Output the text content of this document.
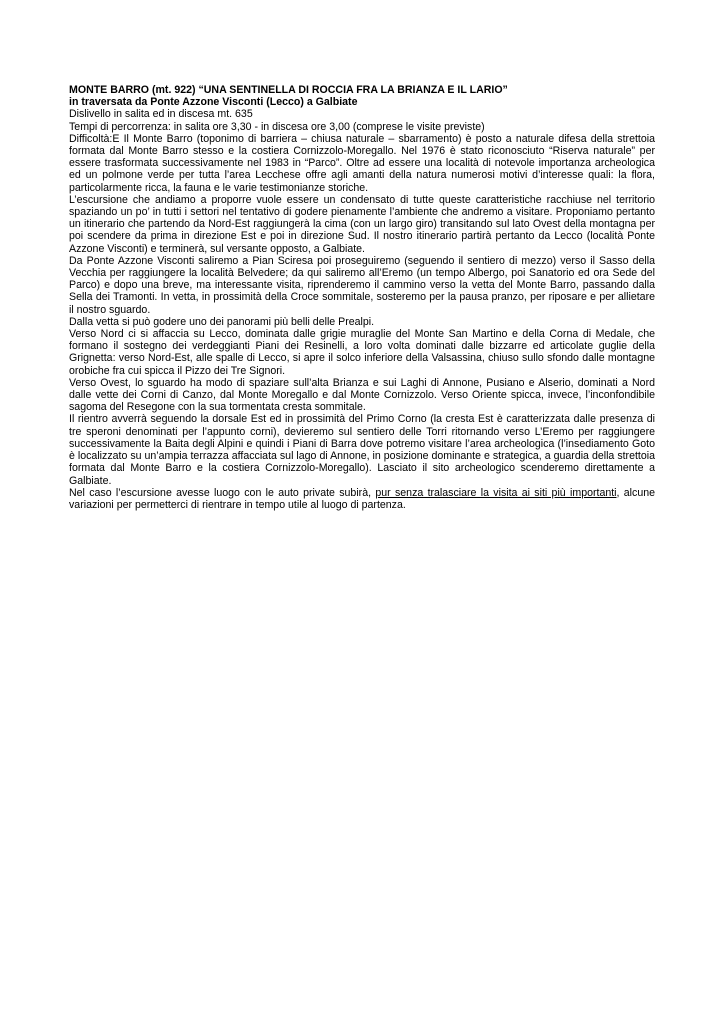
MONTE BARRO (mt. 922) “UNA SENTINELLA DI ROCCIA FRA LA BRIANZA E IL LARIO”

in traversata da Ponte Azzone Visconti (Lecco) a Galbiate

Dislivello in salita ed in discesa mt. 635

Tempi di percorrenza: in salita ore 3,30 - in discesa ore 3,00 (comprese le visite previste)

Difficoltà:E Il Monte Barro (toponimo di barriera – chiusa naturale – sbarramento) è posto a naturale difesa della strettoia formata dal Monte Barro stesso e la costiera Cornizzolo-Moregallo. Nel 1976 è stato riconosciuto “Riserva naturale” per essere trasformata successivamente nel 1983 in “Parco”. Oltre ad essere una località di notevole importanza archeologica ed un polmone verde per tutta l’area Lecchese offre agli amanti della natura numerosi motivi d’interesse quali: la flora, particolarmente ricca, la fauna e le varie testimonianze storiche.

L’escursione che andiamo a proporre vuole essere un condensato di tutte queste caratteristiche racchiuse nel territorio spaziando un po’ in tutti i settori nel tentativo di godere pienamente l’ambiente che andremo a visitare. Proponiamo pertanto un itinerario che partendo da Nord-Est raggiungerà la cima (con un largo giro) transitando sul lato Ovest della montagna per poi scendere da prima in direzione Est e poi in direzione Sud. Il nostro itinerario partirà pertanto da Lecco (località Ponte Azzone Visconti) e terminerà, sul versante opposto, a Galbiate.

Da Ponte Azzone Visconti saliremo a Pian Sciresa poi proseguiremo (seguendo il sentiero di mezzo) verso il Sasso della Vecchia per raggiungere la località Belvedere; da qui saliremo all’Eremo (un tempo Albergo, poi Sanatorio ed ora Sede del Parco) e dopo una breve, ma interessante visita, riprenderemo il cammino verso la vetta del Monte Barro, passando dalla Sella dei Tramonti. In vetta, in prossimità della Croce sommitale, sosteremo per la pausa pranzo, per riposare e per allietare il nostro sguardo.

Dalla vetta si può godere uno dei panorami più belli delle Prealpi.

Verso Nord ci si affaccia su Lecco, dominata dalle grigie muraglie del Monte San Martino e della Corna di Medale, che formano il sostegno dei verdeggianti Piani dei Resinelli, a loro volta dominati dalle bizzarre ed articolate guglie della Grignetta: verso Nord-Est, alle spalle di Lecco, si apre il solco inferiore della Valsassina, chiuso sullo sfondo dalle montagne orobiche fra cui spicca il Pizzo dei Tre Signori.

Verso Ovest, lo sguardo ha modo di spaziare sull’alta Brianza e sui Laghi di Annone, Pusiano e Alserio, dominati a Nord dalle vette dei Corni di Canzo, dal Monte Moregallo e dal Monte Cornizzolo. Verso Oriente spicca, invece, l’inconfondibile sagoma del Resegone con la sua tormentata cresta sommitale.

Il rientro avverrà seguendo la dorsale Est ed in prossimità del Primo Corno (la cresta Est è caratterizzata dalle presenza di tre speroni denominati per l’appunto corni), devieremo sul sentiero delle Torri ritornando verso L’Eremo per raggiungere successivamente la Baita degli Alpini e quindi i Piani di Barra dove potremo visitare l’area archeologica (l’insediamento Goto è localizzato su un’ampia terrazza affacciata sul lago di Annone, in posizione dominante e strategica, a guardia della strettoia formata dal Monte Barro e la costiera Cornizzolo-Moregallo). Lasciato il sito archeologico scenderemo direttamente a Galbiate.

Nel caso l’escursione avesse luogo con le auto private subirà, pur senza tralasciare la visita ai siti più importanti, alcune variazioni per permetterci di rientrare in tempo utile al luogo di partenza.
